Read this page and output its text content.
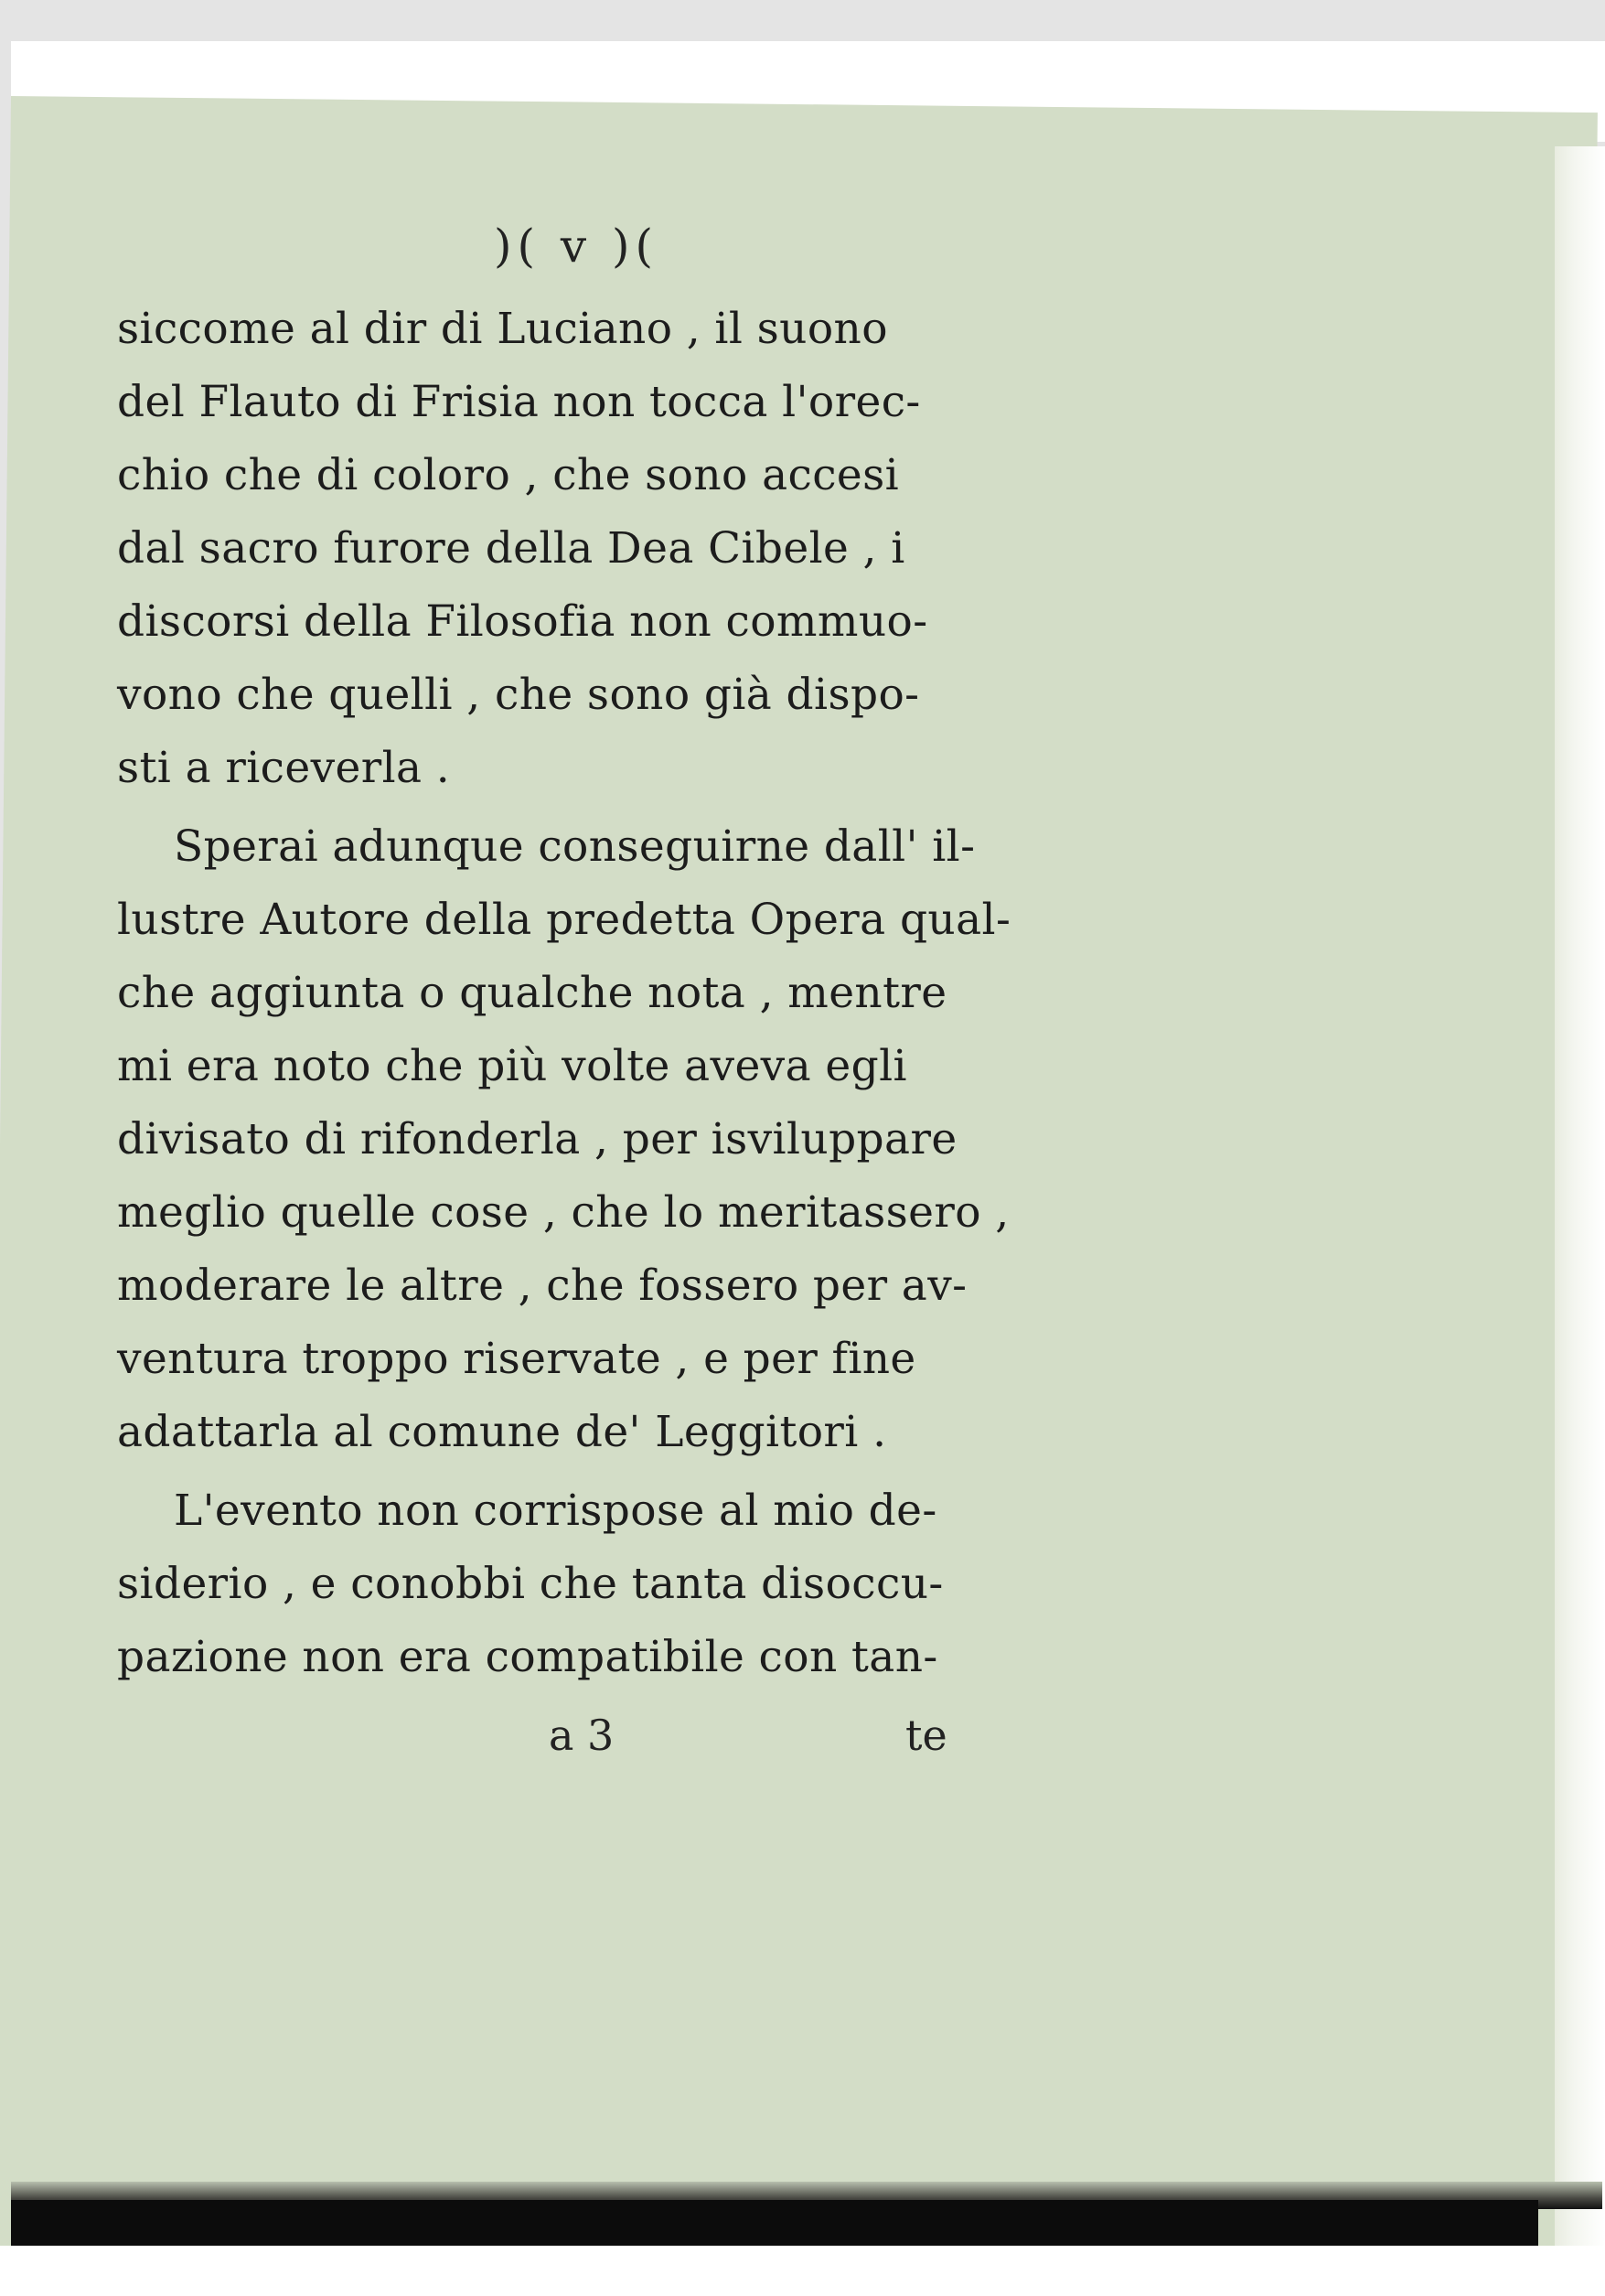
)( v )(
siccome al dir di Luciano , il suono
del Flauto di Frisia non tocca l'orec-
chio che di coloro , che sono accesi
dal sacro furore della Dea Cibele , i
discorsi della Filosofia non commuo-
vono che quelli , che sono già dispo-
sti a riceverla .
Sperai adunque conseguirne dall' il-
lustre Autore della predetta Opera qual-
che aggiunta o qualche nota , mentre
mi era noto che più volte aveva egli
divisato di rifonderla , per isviluppare
meglio quelle cose , che lo meritassero ,
moderare le altre , che fossero per av-
ventura troppo riservate , e per fine
adattarla al comune de' Leggitori .
L'evento non corrispose al mio de-
siderio , e conobbi che tanta disoccu-
pazione non era compatibile con tan-
a 3	te
